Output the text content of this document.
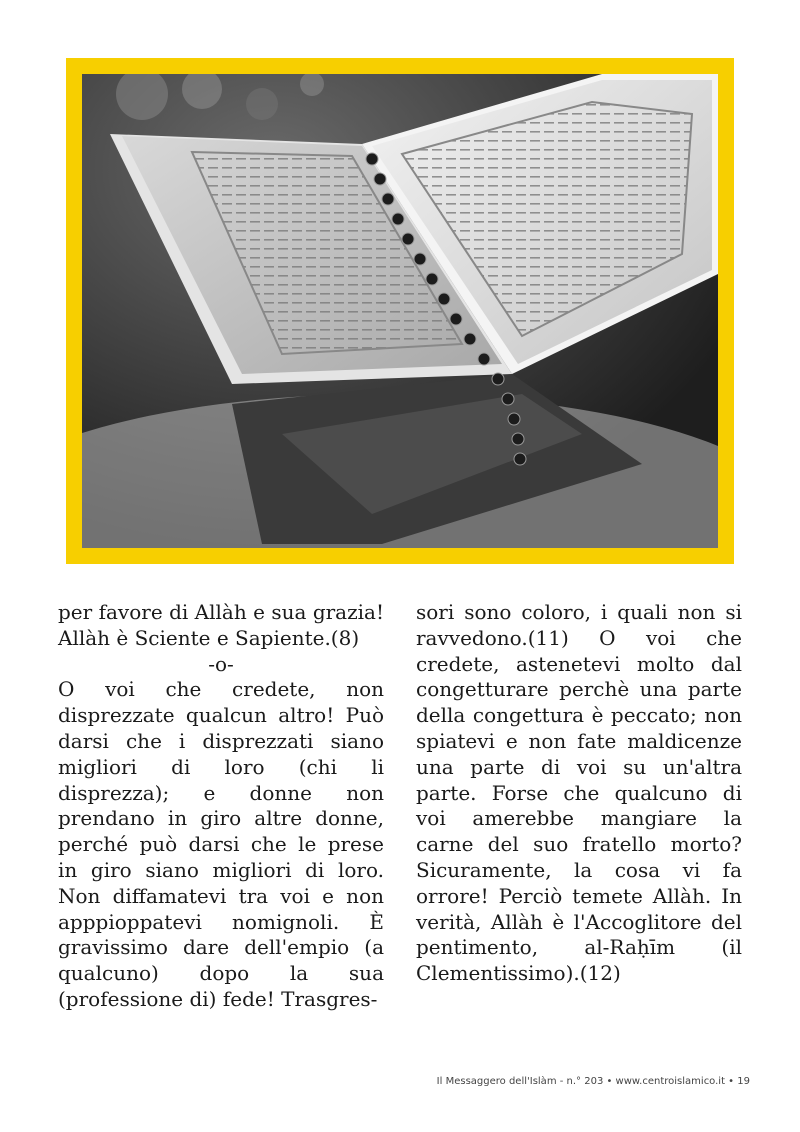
per favore di Allàh e sua grazia! Allàh è Sciente e Sapiente.(8)

-o-

O voi che credete, non disprezzate qualcun altro! Può darsi che i disprezzati siano migliori di loro (chi li disprezza); e donne non prendano in giro altre donne, perché può darsi che le prese in giro siano migliori di loro. Non diffamatevi tra voi e non apppioppatevi nomignoli. È gravissimo dare dell'empio (a qualcuno) dopo la sua (professione di) fede! Trasgres-

sori sono coloro, i quali non si ravvedono.(11) O voi che credete, astenetevi molto dal congetturare perchè una parte della congettura è peccato; non spiatevi e non fate maldicenze una parte di voi su un'altra parte. Forse che qualcuno di voi amerebbe mangiare la carne del suo fratello morto? Sicuramente, la cosa vi fa orrore! Perciò temete Allàh. In verità, Allàh è l'Accoglitore del pentimento, al-Raḥīm (il Clementissimo).(12)

Il Messaggero dell'Islàm - n.° 203 • www.centroislamico.it • 19
